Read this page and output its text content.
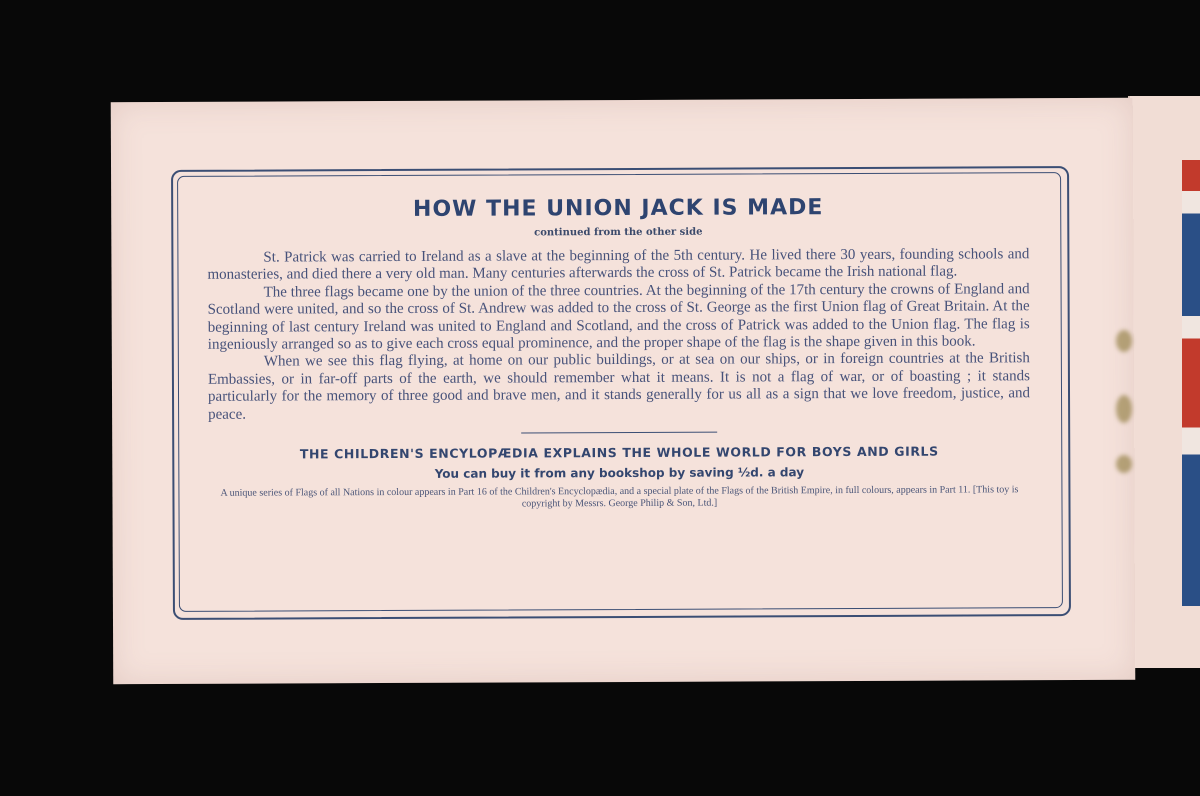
HOW THE UNION JACK IS MADE
continued from the other side

St. Patrick was carried to Ireland as a slave at the beginning of the 5th century. He lived there 30 years, founding schools and monasteries, and died there a very old man. Many centuries afterwards the cross of St. Patrick became the Irish national flag.

The three flags became one by the union of the three countries. At the beginning of the 17th century the crowns of England and Scotland were united, and so the cross of St. Andrew was added to the cross of St. George as the first Union flag of Great Britain. At the beginning of last century Ireland was united to England and Scotland, and the cross of Patrick was added to the Union flag. The flag is ingeniously arranged so as to give each cross equal prominence, and the proper shape of the flag is the shape given in this book.

When we see this flag flying, at home on our public buildings, or at sea on our ships, or in foreign countries at the British Embassies, or in far-off parts of the earth, we should remember what it means. It is not a flag of war, or of boasting ; it stands particularly for the memory of three good and brave men, and it stands generally for us all as a sign that we love freedom, justice, and peace.

THE CHILDREN'S ENCYLOPÆDIA EXPLAINS THE WHOLE WORLD FOR BOYS AND GIRLS

You can buy it from any bookshop by saving ½d. a day

A unique series of Flags of all Nations in colour appears in Part 16 of the Children's Encyclopædia, and a special plate of the Flags of the British Empire, in full colours, appears in Part 11. [This toy is copyright by Messrs. George Philip & Son, Ltd.]
